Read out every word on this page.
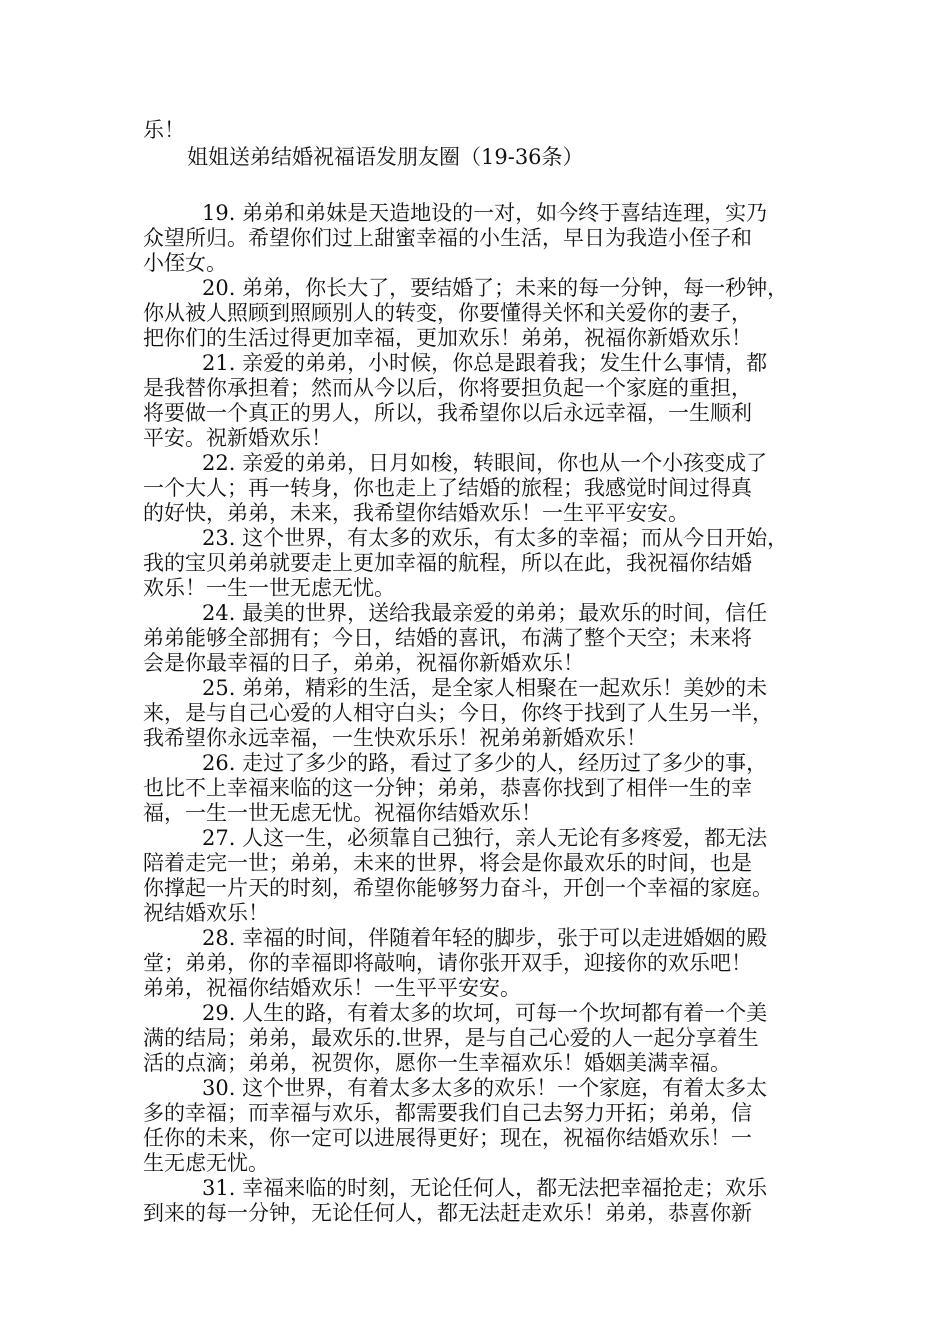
乐！

姐姐送弟结婚祝福语发朋友圈（19-36条）

19. 弟弟和弟妹是天造地设的一对，如今终于喜结连理，实乃

众望所归。希望你们过上甜蜜幸福的小生活，早日为我造小侄子和

小侄女。

20. 弟弟，你长大了，要结婚了；未来的每一分钟，每一秒钟，

你从被人照顾到照顾别人的转变，你要懂得关怀和关爱你的妻子，

把你们的生活过得更加幸福，更加欢乐！弟弟，祝福你新婚欢乐！

21. 亲爱的弟弟，小时候，你总是跟着我；发生什么事情，都

是我替你承担着；然而从今以后，你将要担负起一个家庭的重担，

将要做一个真正的男人，所以，我希望你以后永远幸福，一生顺利

平安。祝新婚欢乐！

22. 亲爱的弟弟，日月如梭，转眼间，你也从一个小孩变成了

一个大人；再一转身，你也走上了结婚的旅程；我感觉时间过得真

的好快，弟弟，未来，我希望你结婚欢乐！一生平平安安。

23. 这个世界，有太多的欢乐，有太多的幸福；而从今日开始，

我的宝贝弟弟就要走上更加幸福的航程，所以在此，我祝福你结婚

欢乐！一生一世无虑无忧。

24. 最美的世界，送给我最亲爱的弟弟；最欢乐的时间，信任

弟弟能够全部拥有；今日，结婚的喜讯，布满了整个天空；未来将

会是你最幸福的日子，弟弟，祝福你新婚欢乐！

25. 弟弟，精彩的生活，是全家人相聚在一起欢乐！美妙的未

来，是与自己心爱的人相守白头；今日，你终于找到了人生另一半，

我希望你永远幸福，一生快欢乐乐！祝弟弟新婚欢乐！

26. 走过了多少的路，看过了多少的人，经历过了多少的事，

也比不上幸福来临的这一分钟；弟弟，恭喜你找到了相伴一生的幸

福，一生一世无虑无忧。祝福你结婚欢乐！

27. 人这一生，必须靠自己独行，亲人无论有多疼爱，都无法

陪着走完一世；弟弟，未来的世界，将会是你最欢乐的时间，也是

你撑起一片天的时刻，希望你能够努力奋斗，开创一个幸福的家庭。

祝结婚欢乐！

28. 幸福的时间，伴随着年轻的脚步，张于可以走进婚姻的殿

堂；弟弟，你的幸福即将敲响，请你张开双手，迎接你的欢乐吧！

弟弟，祝福你结婚欢乐！一生平平安安。

29. 人生的路，有着太多的坎坷，可每一个坎坷都有着一个美

满的结局；弟弟，最欢乐的.世界，是与自己心爱的人一起分享着生

活的点滴；弟弟，祝贺你，愿你一生幸福欢乐！婚姻美满幸福。

30. 这个世界，有着太多太多的欢乐！一个家庭，有着太多太

多的幸福；而幸福与欢乐，都需要我们自己去努力开拓；弟弟，信

任你的未来，你一定可以进展得更好；现在，祝福你结婚欢乐！一

生无虑无忧。

31. 幸福来临的时刻，无论任何人，都无法把幸福抢走；欢乐

到来的每一分钟，无论任何人，都无法赶走欢乐！弟弟，恭喜你新
